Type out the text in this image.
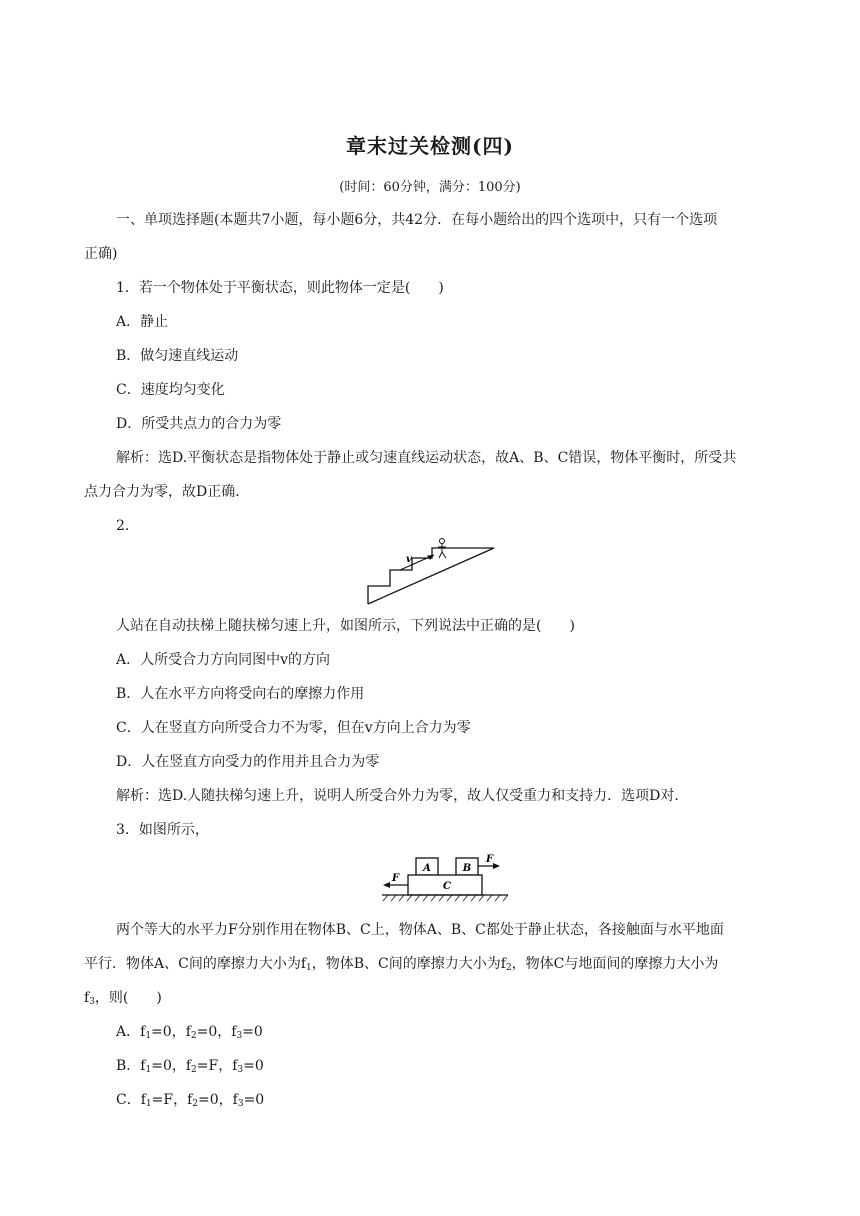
章末过关检测(四)
(时间：60分钟，满分：100分)
一、单项选择题(本题共7小题，每小题6分，共42分．在每小题给出的四个选项中，只有一个选项
正确)
1．若一个物体处于平衡状态，则此物体一定是(　　)
A．静止
B．做匀速直线运动
C．速度均匀变化
D．所受共点力的合力为零
解析：选D.平衡状态是指物体处于静止或匀速直线运动状态，故A、B、C错误，物体平衡时，所受共
点力合力为零，故D正确．
2.
v
人站在自动扶梯上随扶梯匀速上升，如图所示，下列说法中正确的是(　　)
A．人所受合力方向同图中v的方向
B．人在水平方向将受向右的摩擦力作用
C．人在竖直方向所受合力不为零，但在v方向上合力为零
D．人在竖直方向受力的作用并且合力为零
解析：选D.人随扶梯匀速上升，说明人所受合外力为零，故人仅受重力和支持力．选项D对．
3．如图所示，
A	B
C
F
F
两个等大的水平力F分别作用在物体B、C上，物体A、B、C都处于静止状态，各接触面与水平地面
平行．物体A、C间的摩擦力大小为$f_1$，物体B、C间的摩擦力大小为$f_2$，物体C与地面间的摩擦力大小为
$f_3$，则(　　)
A．$f_1=0$，$f_2=0$，$f_3=0$
B．$f_1=0$，$f_2=F$，$f_3=0$
C．$f_1=F$，$f_2=0$，$f_3=0$
